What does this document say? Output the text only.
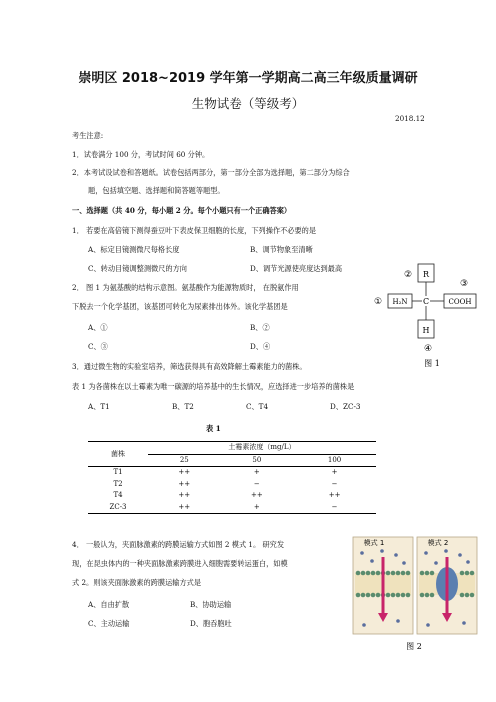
崇明区 2018~2019 学年第一学期高二高三年级质量调研
生物试卷（等级考）
2018.12
考生注意:
1．试卷满分 100 分，考试时间 60 分钟。
2．本考试设试卷和答题纸。试卷包括两部分，第一部分全部为选择题，第二部分为综合
题，包括填空题、选择题和简答题等题型。
一、选择题（共 40 分，每小题 2 分。每个小题只有一个正确答案）
1． 若要在高倍镜下测得蚕豆叶下表皮保卫细胞的长度，下列操作不必要的是
A、标定目镜测微尺每格长度	B、调节物象至清晰
C、转动目镜调整测微尺的方向	D、调节光源使亮度达到最高
2． 图 1 为氨基酸的结构示意图。氨基酸作为能源物质时， 在脱氨作用
下脱去一个化学基团，该基团可转化为尿素排出体外。该化学基团是
A、①	B、②
C、③	D、④
R
C
H₂N	COOH
H
②
①
③
④
图 1
3．通过微生物的实验室培养，筛选获得具有高效降解土霉素能力的菌株。
表 1 为各菌株在以土霉素为唯一碳源的培养基中的生长情况，应选择进一步培养的菌株是
A、T1	B、T2	C、T4	D、ZC-3
表 1
菌株	土霉素浓度（mg/L）		
	25	50	100
T1	++	+	+
T2	++	−	−
T4	++	++	++
ZC-3	++	+	−
4． 一般认为，夹面脉激素的跨膜运输方式如图 2 模式 1。 研究发
现，在昆虫体内的一种夹面脉激素跨膜进入细胞需要转运蛋白，如模
式 2。则该夹面脉激素的跨膜运输方式是
A、自由扩散	B、协助运输
C、主动运输	D、胞吞胞吐
模式 1	模式 2
图 2
